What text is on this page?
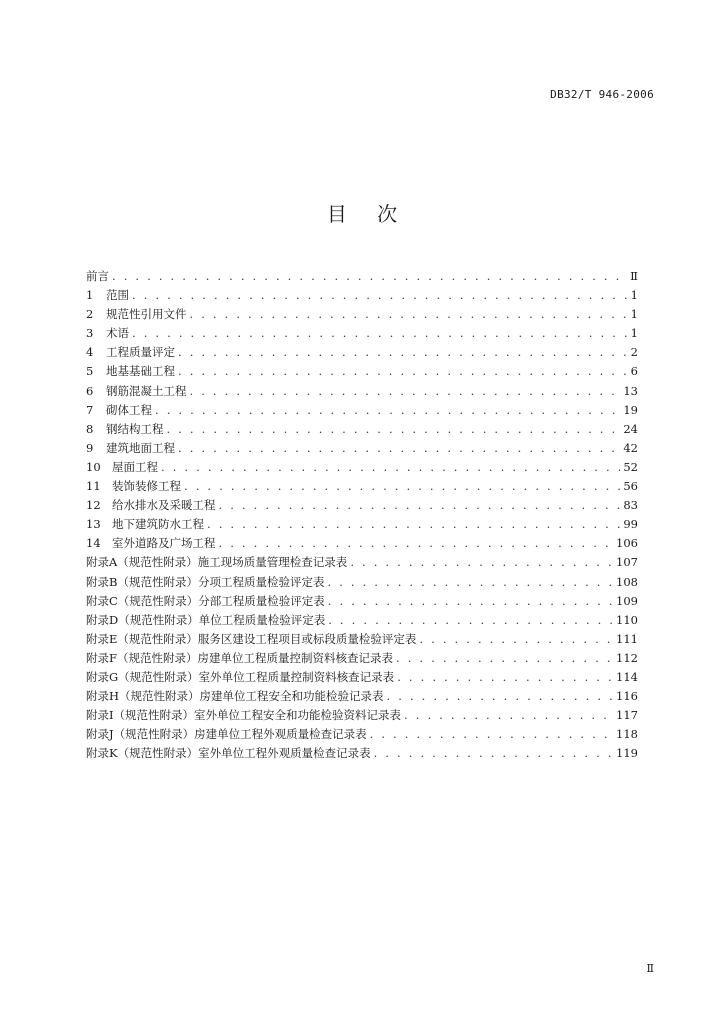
DB32/T 946-2006
目 次
前言 . . .	Ⅱ
1	范围 . . .	1
2	规范性引用文件 . . .	1
3	术语 . . .	1
4	工程质量评定 . . .	2
5	地基基础工程 . . .	6
6	钢筋混凝土工程 . . .	13
7	砌体工程 . . .	19
8	钢结构工程 . . .	24
9	建筑地面工程 . . .	42
10 屋面工程 . . .	52
11 装饰装修工程 . . .	56
12 给水排水及采暖工程 . . .	83
13 地下建筑防水工程 . . .	99
14 室外道路及广场工程 . . .	106
附录A（规范性附录）施工现场质量管理检查记录表 . . .	107
附录B（规范性附录）分项工程质量检验评定表 . . .	108
附录C（规范性附录）分部工程质量检验评定表 . . .	109
附录D（规范性附录）单位工程质量检验评定表 . . .	110
附录E（规范性附录）服务区建设工程项目或标段质量检验评定表 . . .	111
附录F（规范性附录）房建单位工程质量控制资料核查记录表 . . .	112
附录G（规范性附录）室外单位工程质量控制资料核查记录表 . . .	114
附录H（规范性附录）房建单位工程安全和功能检验记录表 . . .	116
附录I（规范性附录）室外单位工程安全和功能检验资料记录表 . . .	117
附录J（规范性附录）房建单位工程外观质量检查记录表 . . .	118
附录K（规范性附录）室外单位工程外观质量检查记录表 . . .	119
Ⅱ
